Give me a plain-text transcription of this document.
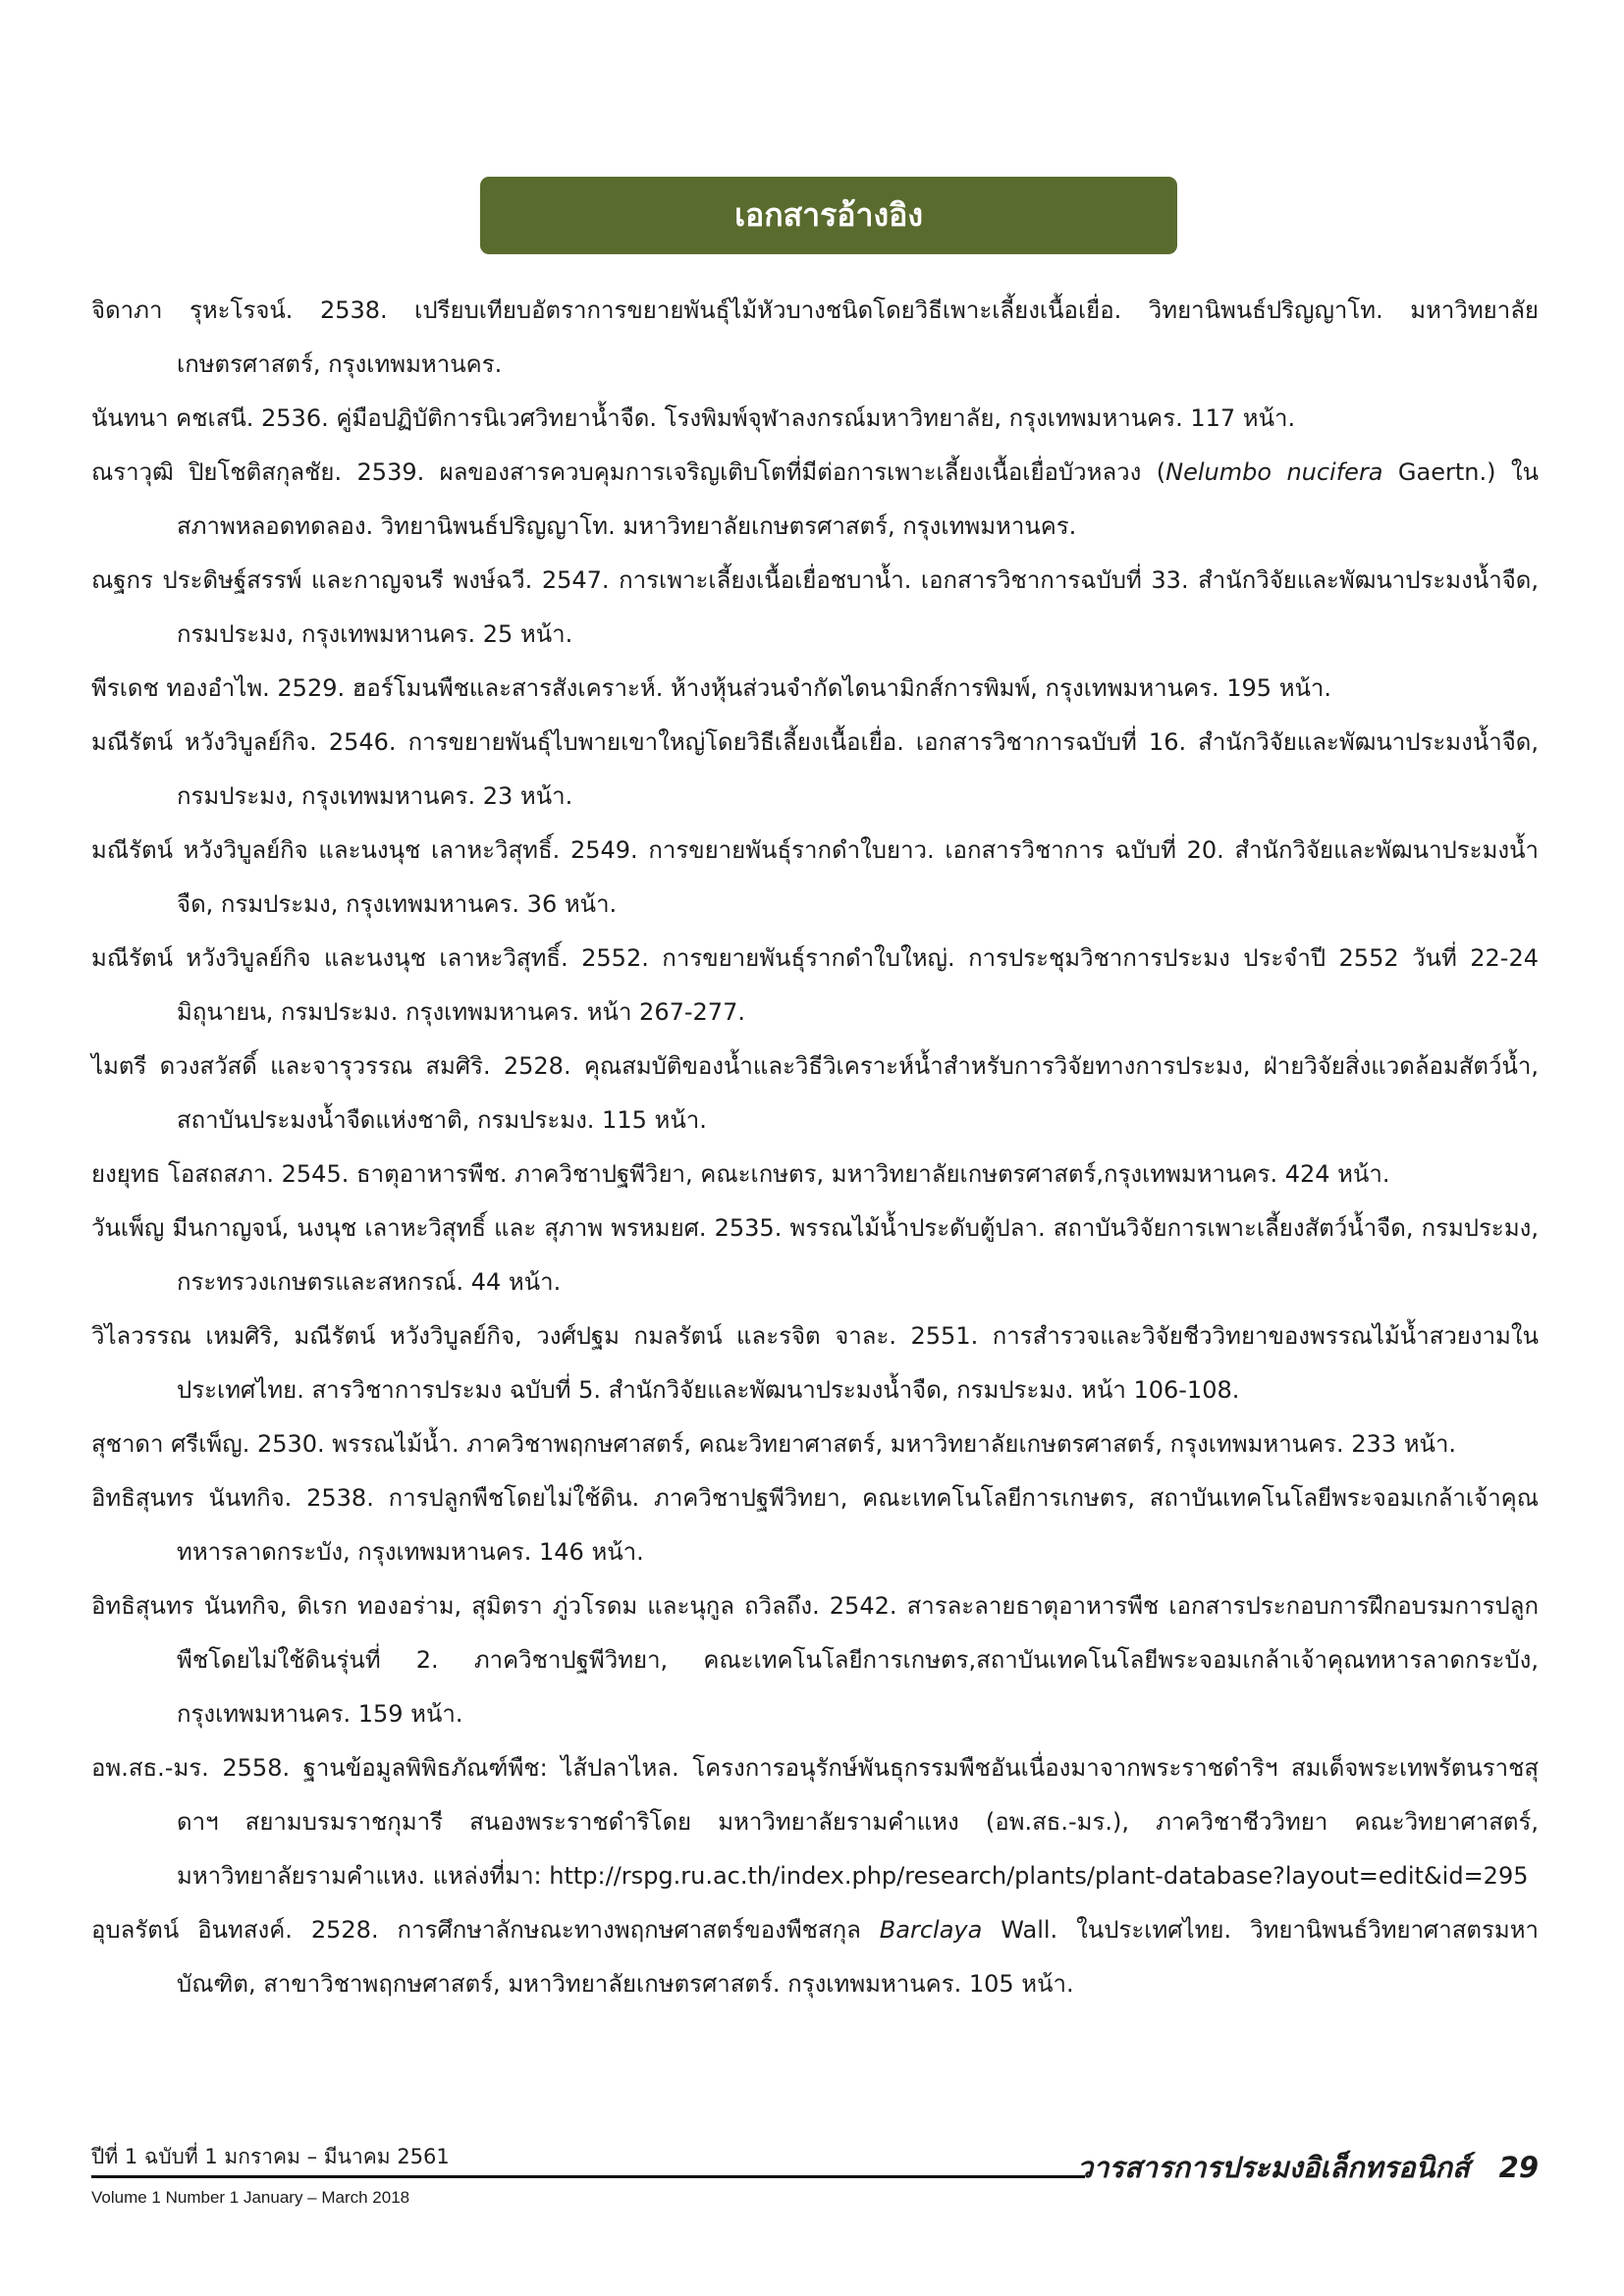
เอกสารอ้างอิง

จิดาภา รุหะโรจน์. 2538. เปรียบเทียบอัตราการขยายพันธุ์ไม้หัวบางชนิดโดยวิธีเพาะเลี้ยงเนื้อเยื่อ. วิทยานิพนธ์ปริญญาโท. มหาวิทยาลัยเกษตรศาสตร์, กรุงเทพมหานคร.

นันทนา คชเสนี. 2536. คู่มือปฏิบัติการนิเวศวิทยาน้ำจืด. โรงพิมพ์จุฬาลงกรณ์มหาวิทยาลัย, กรุงเทพมหานคร. 117 หน้า.

ณราวุฒิ ปิยโชติสกุลชัย. 2539. ผลของสารควบคุมการเจริญเติบโตที่มีต่อการเพาะเลี้ยงเนื้อเยื่อบัวหลวง (Nelumbo nucifera Gaertn.) ในสภาพหลอดทดลอง. วิทยานิพนธ์ปริญญาโท. มหาวิทยาลัยเกษตรศาสตร์, กรุงเทพมหานคร.

ณฐกร ประดิษฐ์สรรพ์ และกาญจนรี พงษ์ฉวี. 2547. การเพาะเลี้ยงเนื้อเยื่อชบาน้ำ. เอกสารวิชาการฉบับที่ 33. สำนักวิจัยและพัฒนาประมงน้ำจืด, กรมประมง, กรุงเทพมหานคร. 25 หน้า.

พีรเดช ทองอำไพ. 2529. ฮอร์โมนพืชและสารสังเคราะห์. ห้างหุ้นส่วนจำกัดไดนามิกส์การพิมพ์, กรุงเทพมหานคร. 195 หน้า.

มณีรัตน์ หวังวิบูลย์กิจ. 2546. การขยายพันธุ์ไบพายเขาใหญ่โดยวิธีเลี้ยงเนื้อเยื่อ. เอกสารวิชาการฉบับที่ 16. สำนักวิจัยและพัฒนาประมงน้ำจืด, กรมประมง, กรุงเทพมหานคร. 23 หน้า.

มณีรัตน์ หวังวิบูลย์กิจ และนงนุช เลาหะวิสุทธิ์. 2549. การขยายพันธุ์รากดำใบยาว. เอกสารวิชาการ ฉบับที่ 20. สำนักวิจัยและพัฒนาประมงน้ำจืด, กรมประมง, กรุงเทพมหานคร. 36 หน้า.

มณีรัตน์ หวังวิบูลย์กิจ และนงนุช เลาหะวิสุทธิ์. 2552. การขยายพันธุ์รากดำใบใหญ่. การประชุมวิชาการประมง ประจำปี 2552 วันที่ 22-24 มิถุนายน, กรมประมง. กรุงเทพมหานคร. หน้า 267-277.

ไมตรี ดวงสวัสดิ์ และจารุวรรณ สมศิริ. 2528. คุณสมบัติของน้ำและวิธีวิเคราะห์น้ำสำหรับการวิจัยทางการประมง, ฝ่ายวิจัยสิ่งแวดล้อมสัตว์น้ำ, สถาบันประมงน้ำจืดแห่งชาติ, กรมประมง. 115 หน้า.

ยงยุทธ โอสถสภา. 2545. ธาตุอาหารพืช. ภาควิชาปฐพีวิยา, คณะเกษตร, มหาวิทยาลัยเกษตรศาสตร์,กรุงเทพมหานคร. 424 หน้า.

วันเพ็ญ มีนกาญจน์, นงนุช เลาหะวิสุทธิ์ และ สุภาพ พรหมยศ. 2535. พรรณไม้น้ำประดับตู้ปลา. สถาบันวิจัยการเพาะเลี้ยงสัตว์น้ำจืด, กรมประมง, กระทรวงเกษตรและสหกรณ์. 44 หน้า.

วิไลวรรณ เหมศิริ, มณีรัตน์ หวังวิบูลย์กิจ, วงศ์ปฐม กมลรัตน์ และรจิต จาละ. 2551. การสำรวจและวิจัยชีววิทยาของพรรณไม้น้ำสวยงามในประเทศไทย. สารวิชาการประมง ฉบับที่ 5. สำนักวิจัยและพัฒนาประมงน้ำจืด, กรมประมง. หน้า 106-108.

สุชาดา ศรีเพ็ญ. 2530. พรรณไม้น้ำ. ภาควิชาพฤกษศาสตร์, คณะวิทยาศาสตร์, มหาวิทยาลัยเกษตรศาสตร์, กรุงเทพมหานคร. 233 หน้า.

อิทธิสุนทร นันทกิจ. 2538. การปลูกพืชโดยไม่ใช้ดิน. ภาควิชาปฐพีวิทยา, คณะเทคโนโลยีการเกษตร, สถาบันเทคโนโลยีพระจอมเกล้าเจ้าคุณทหารลาดกระบัง, กรุงเทพมหานคร. 146 หน้า.

อิทธิสุนทร นันทกิจ, ดิเรก ทองอร่าม, สุมิตรา ภู่วโรดม และนุกูล ถวิลถึง. 2542. สารละลายธาตุอาหารพืช เอกสารประกอบการฝึกอบรมการปลูกพืชโดยไม่ใช้ดินรุ่นที่ 2. ภาควิชาปฐพีวิทยา, คณะเทคโนโลยีการเกษตร,สถาบันเทคโนโลยีพระจอมเกล้าเจ้าคุณทหารลาดกระบัง, กรุงเทพมหานคร. 159 หน้า.

อพ.สธ.-มร. 2558. ฐานข้อมูลพิพิธภัณฑ์พืช: ไส้ปลาไหล. โครงการอนุรักษ์พันธุกรรมพืชอันเนื่องมาจากพระราชดำริฯ สมเด็จพระเทพรัตนราชสุดาฯ สยามบรมราชกุมารี สนองพระราชดำริโดย มหาวิทยาลัยรามคำแหง (อพ.สธ.-มร.), ภาควิชาชีววิทยา คณะวิทยาศาสตร์, มหาวิทยาลัยรามคำแหง. แหล่งที่มา: http://rspg.ru.ac.th/index.php/research/plants/plant-database?layout=edit&id=295

อุบลรัตน์ อินทสงค์. 2528. การศึกษาลักษณะทางพฤกษศาสตร์ของพืชสกุล Barclaya Wall. ในประเทศไทย. วิทยานิพนธ์วิทยาศาสตรมหาบัณฑิต, สาขาวิชาพฤกษศาสตร์, มหาวิทยาลัยเกษตรศาสตร์. กรุงเทพมหานคร. 105 หน้า.

ปีที่ 1 ฉบับที่ 1 มกราคม – มีนาคม 2561
Volume 1 Number 1 January – March 2018
วารสารการประมงอิเล็กทรอนิกส์ 29
